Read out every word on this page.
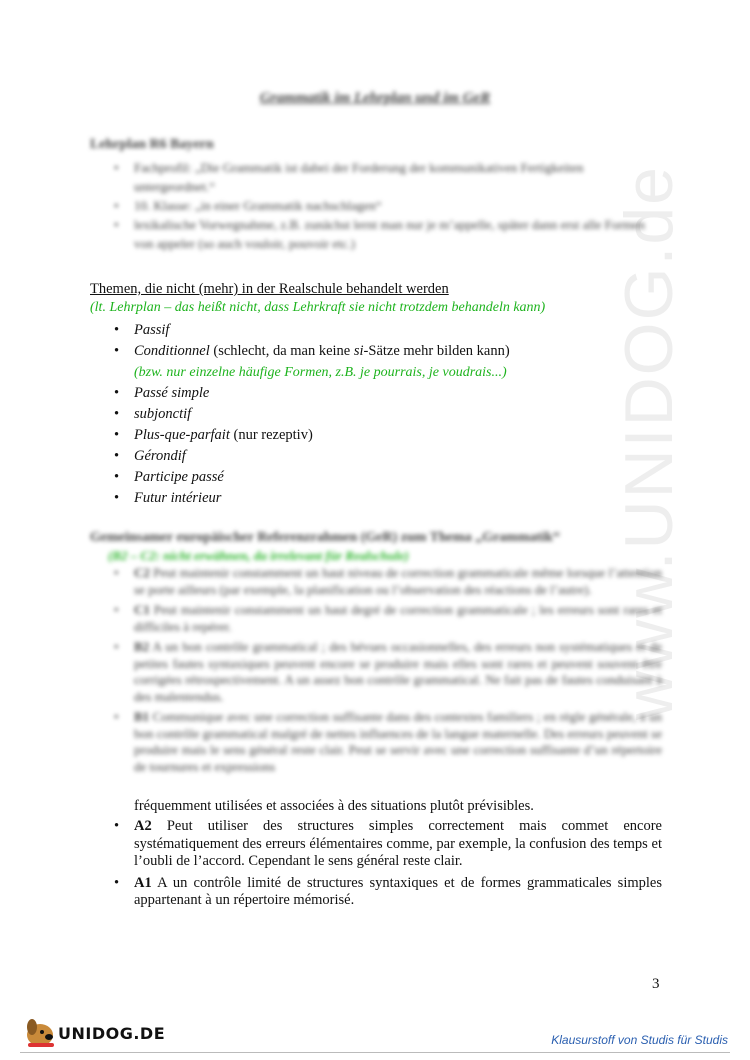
www.UNIDOG.de
Grammatik im Lehrplan und im GeR
Lehrplan R6 Bayern
• Fachprofil: „Die Grammatik ist dabei der Forderung der kommunikativen Fertigkeiten untergeordnet.“
• 10. Klasse: „in einer Grammatik nachschlagen“
• lexikalische Vorwegnahme, z.B. zunächst lernt man nur je m’appelle, später dann erst alle Formen von appeler (so auch vouloir, pouvoir etc.)
Themen, die nicht (mehr) in der Realschule behandelt werden
(lt. Lehrplan – das heißt nicht, dass Lehrkraft sie nicht trotzdem behandeln kann)
• Passif
• Conditionnel (schlecht, da man keine si-Sätze mehr bilden kann)
(bzw. nur einzelne häufige Formen, z.B. je pourrais, je voudrais...)
• Passé simple
• subjonctif
• Plus-que-parfait (nur rezeptiv)
• Gérondif
• Participe passé
• Futur intérieur
Gemeinsamer europäischer Referenzrahmen (GeR) zum Thema „Grammatik“
(B2 – C2: nicht erwähnen, da irrelevant für Realschule)
• C2 Peut maintenir constamment un haut niveau de correction grammaticale même lorsque l’attention se porte ailleurs (par exemple, la planification ou l’observation des réactions de l’autre).
• C1 Peut maintenir constamment un haut degré de correction grammaticale ; les erreurs sont rares et difficiles à repérer.
• B2 A un bon contrôle grammatical ; des bévues occasionnelles, des erreurs non systématiques et de petites fautes syntaxiques peuvent encore se produire mais elles sont rares et peuvent souvent être corrigées rétrospectivement. A un assez bon contrôle grammatical. Ne fait pas de fautes conduisant à des malentendus.
• B1 Communique avec une correction suffisante dans des contextes familiers ; en règle générale, a un bon contrôle grammatical malgré de nettes influences de la langue maternelle. Des erreurs peuvent se produire mais le sens général reste clair. Peut se servir avec une correction suffisante d’un répertoire de tournures et expressions
fréquemment utilisées et associées à des situations plutôt prévisibles.
• A2 Peut utiliser des structures simples correctement mais commet encore systématiquement des erreurs élémentaires comme, par exemple, la confusion des temps et l’oubli de l’accord. Cependant le sens général reste clair.
• A1 A un contrôle limité de structures syntaxiques et de formes grammaticales simples appartenant à un répertoire mémorisé.
3
UNIDOG.DE	Klausurstoff von Studis für Studis
